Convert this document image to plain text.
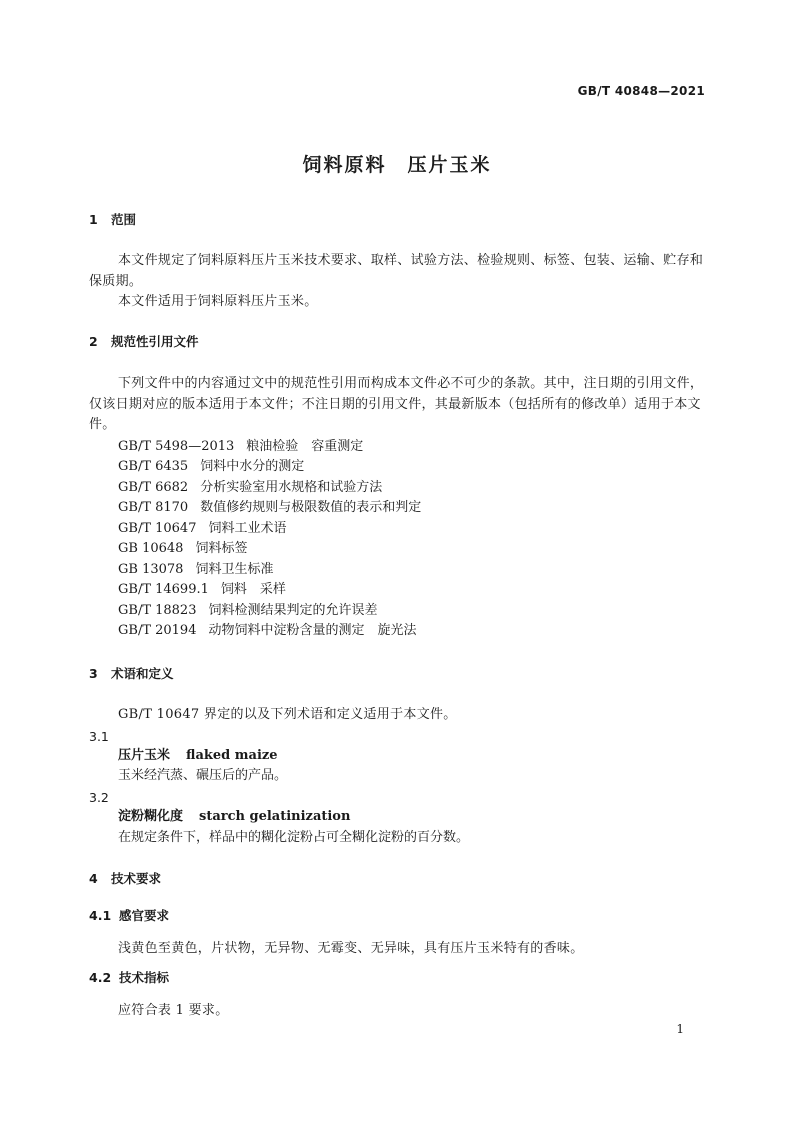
GB/T 40848—2021
饲料原料　压片玉米
1 范围

本文件规定了饲料原料压片玉米技术要求、取样、试验方法、检验规则、标签、包装、运输、贮存和保质期。

本文件适用于饲料原料压片玉米。

2 规范性引用文件

下列文件中的内容通过文中的规范性引用而构成本文件必不可少的条款。其中，注日期的引用文件，仅该日期对应的版本适用于本文件；不注日期的引用文件，其最新版本（包括所有的修改单）适用于本文件。

GB/T 5498—2013 粮油检验　容重测定
GB/T 6435 饲料中水分的测定
GB/T 6682 分析实验室用水规格和试验方法
GB/T 8170 数值修约规则与极限数值的表示和判定
GB/T 10647 饲料工业术语
GB 10648 饲料标签
GB 13078 饲料卫生标准
GB/T 14699.1 饲料　采样
GB/T 18823 饲料检测结果判定的允许误差
GB/T 20194 动物饲料中淀粉含量的测定　旋光法
3 术语和定义

GB/T 10647 界定的以及下列术语和定义适用于本文件。

3.1
压片玉米 flaked maize
玉米经汽蒸、碾压后的产品。
3.2
淀粉糊化度 starch gelatinization
在规定条件下，样品中的糊化淀粉占可全糊化淀粉的百分数。
4 技术要求
4.1 感官要求

浅黄色至黄色，片状物，无异物、无霉变、无异味，具有压片玉米特有的香味。

4.2 技术指标

应符合表 1 要求。

1
